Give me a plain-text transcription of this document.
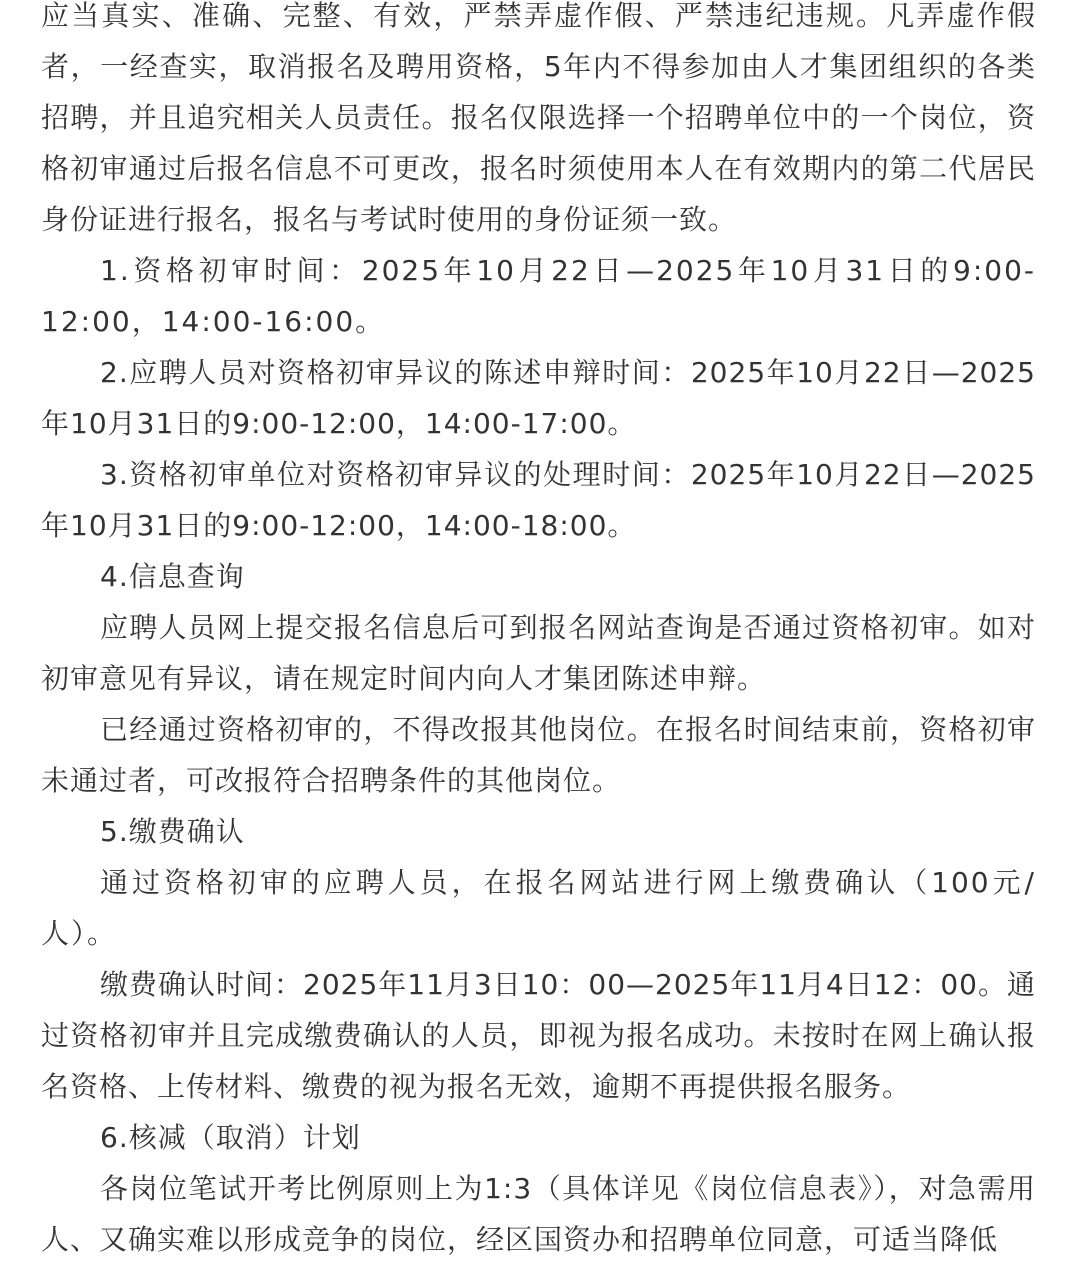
应当真实、准确、完整、有效，严禁弄虚作假、严禁违纪违规。凡弄虚作假者，一经查实，取消报名及聘用资格，5年内不得参加由人才集团组织的各类招聘，并且追究相关人员责任。报名仅限选择一个招聘单位中的一个岗位，资格初审通过后报名信息不可更改，报名时须使用本人在有效期内的第二代居民身份证进行报名，报名与考试时使用的身份证须一致。

1.资格初审时间：2025年10月22日—2025年10月31日的9:00-12:00，14:00-16:00。

2.应聘人员对资格初审异议的陈述申辩时间：2025年10月22日—2025年10月31日的9:00-12:00，14:00-17:00。

3.资格初审单位对资格初审异议的处理时间：2025年10月22日—2025年10月31日的9:00-12:00，14:00-18:00。

4.信息查询

应聘人员网上提交报名信息后可到报名网站查询是否通过资格初审。如对初审意见有异议，请在规定时间内向人才集团陈述申辩。

已经通过资格初审的，不得改报其他岗位。在报名时间结束前，资格初审未通过者，可改报符合招聘条件的其他岗位。

5.缴费确认

通过资格初审的应聘人员，在报名网站进行网上缴费确认（100元/人）。

缴费确认时间：2025年11月3日10：00—2025年11月4日12：00。通过资格初审并且完成缴费确认的人员，即视为报名成功。未按时在网上确认报名资格、上传材料、缴费的视为报名无效，逾期不再提供报名服务。

6.核减（取消）计划

各岗位笔试开考比例原则上为1:3（具体详见《岗位信息表》），对急需用人、又确实难以形成竞争的岗位，经区国资办和招聘单位同意，可适当降低
